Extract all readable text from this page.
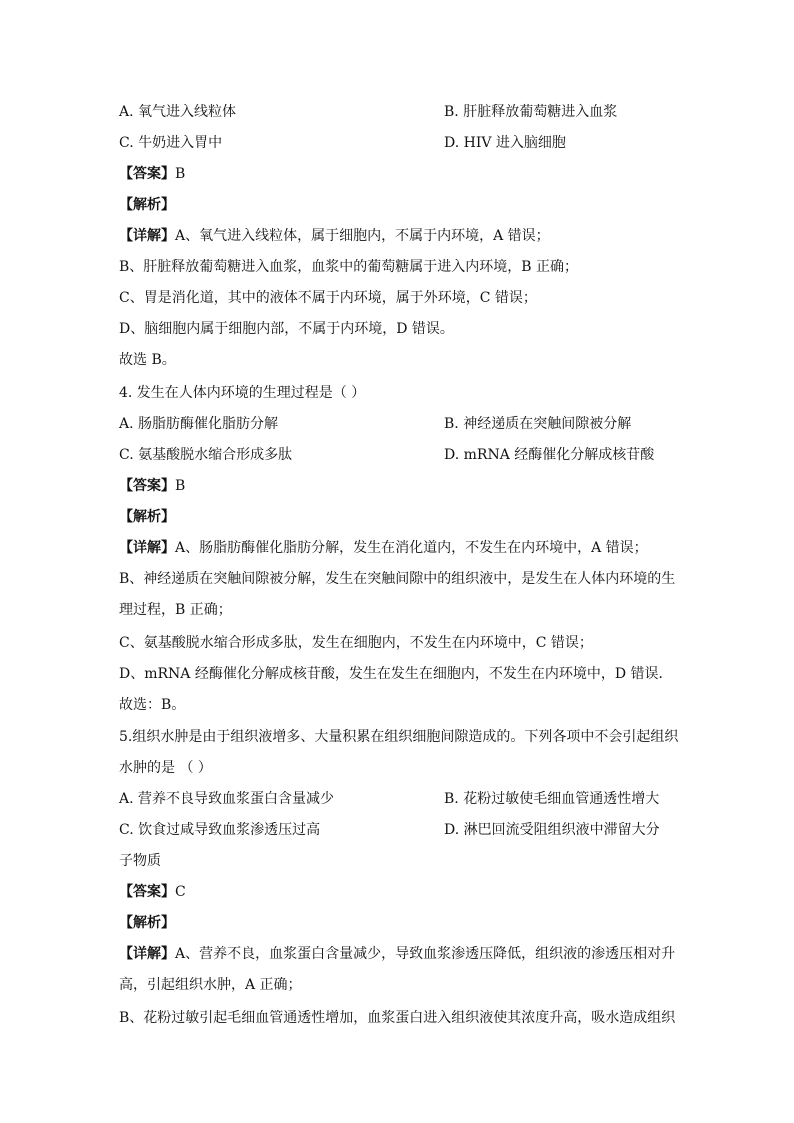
A. 氧气进入线粒体	B. 肝脏释放葡萄糖进入血浆
C. 牛奶进入胃中	D. HIV 进入脑细胞
【答案】B
【解析】
【详解】A、氧气进入线粒体，属于细胞内，不属于内环境，A 错误；
B、肝脏释放葡萄糖进入血浆，血浆中的葡萄糖属于进入内环境，B 正确；
C、胃是消化道，其中的液体不属于内环境，属于外环境，C 错误；
D、脑细胞内属于细胞内部，不属于内环境，D 错误。
故选 B。
4. 发生在人体内环境的生理过程是（ ）
A. 肠脂肪酶催化脂肪分解	B. 神经递质在突触间隙被分解
C. 氨基酸脱水缩合形成多肽	D. mRNA 经酶催化分解成核苷酸
【答案】B
【解析】
【详解】A、肠脂肪酶催化脂肪分解，发生在消化道内，不发生在内环境中，A 错误；
B、神经递质在突触间隙被分解，发生在突触间隙中的组织液中，是发生在人体内环境的生
理过程，B 正确；
C、氨基酸脱水缩合形成多肽，发生在细胞内，不发生在内环境中，C 错误；
D、mRNA 经酶催化分解成核苷酸，发生在发生在细胞内，不发生在内环境中，D 错误．
故选：B。
5.组织水肿是由于组织液增多、大量积累在组织细胞间隙造成的。下列各项中不会引起组织
水肿的是 （ ）
A. 营养不良导致血浆蛋白含量减少	B. 花粉过敏使毛细血管通透性增大
C. 饮食过咸导致血浆渗透压过高	D. 淋巴回流受阻组织液中滞留大分
子物质
【答案】C
【解析】
【详解】A、营养不良，血浆蛋白含量减少，导致血浆渗透压降低，组织液的渗透压相对升
高，引起组织水肿，A 正确；
B、花粉过敏引起毛细血管通透性增加，血浆蛋白进入组织液使其浓度升高，吸水造成组织
